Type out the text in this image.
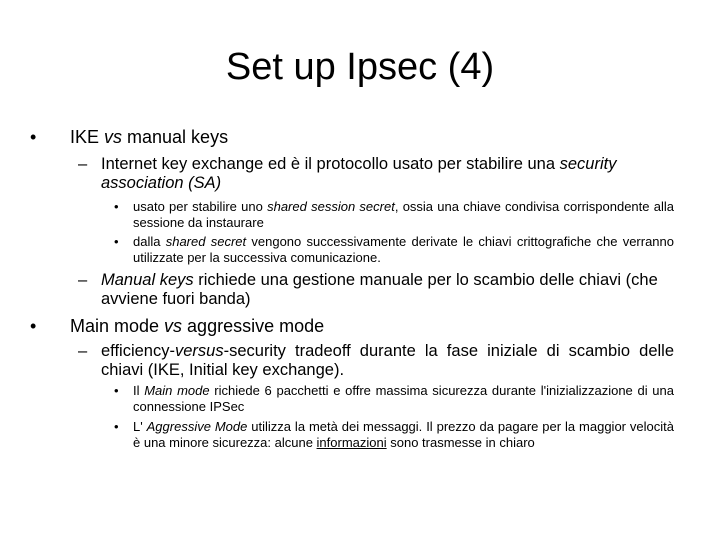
Set up Ipsec (4)
• IKE vs manual keys
– Internet key exchange ed è il protocollo usato per stabilire una security association (SA)
• usato per stabilire uno shared session secret, ossia una chiave condivisa corrispondente alla sessione da instaurare
• dalla shared secret vengono successivamente derivate le chiavi crittografiche che verranno utilizzate per la successiva comunicazione.
– Manual keys richiede una gestione manuale per lo scambio delle chiavi (che avviene fuori banda)
• Main mode vs aggressive mode
– efficiency-versus-security tradeoff durante la fase iniziale di scambio delle chiavi (IKE, Initial key exchange).
• Il Main mode richiede 6 pacchetti e offre massima sicurezza durante l'inizializzazione di una connessione IPSec
• L' Aggressive Mode utilizza la metà dei messaggi. Il prezzo da pagare per la maggior velocità è una minore sicurezza: alcune informazioni sono trasmesse in chiaro
